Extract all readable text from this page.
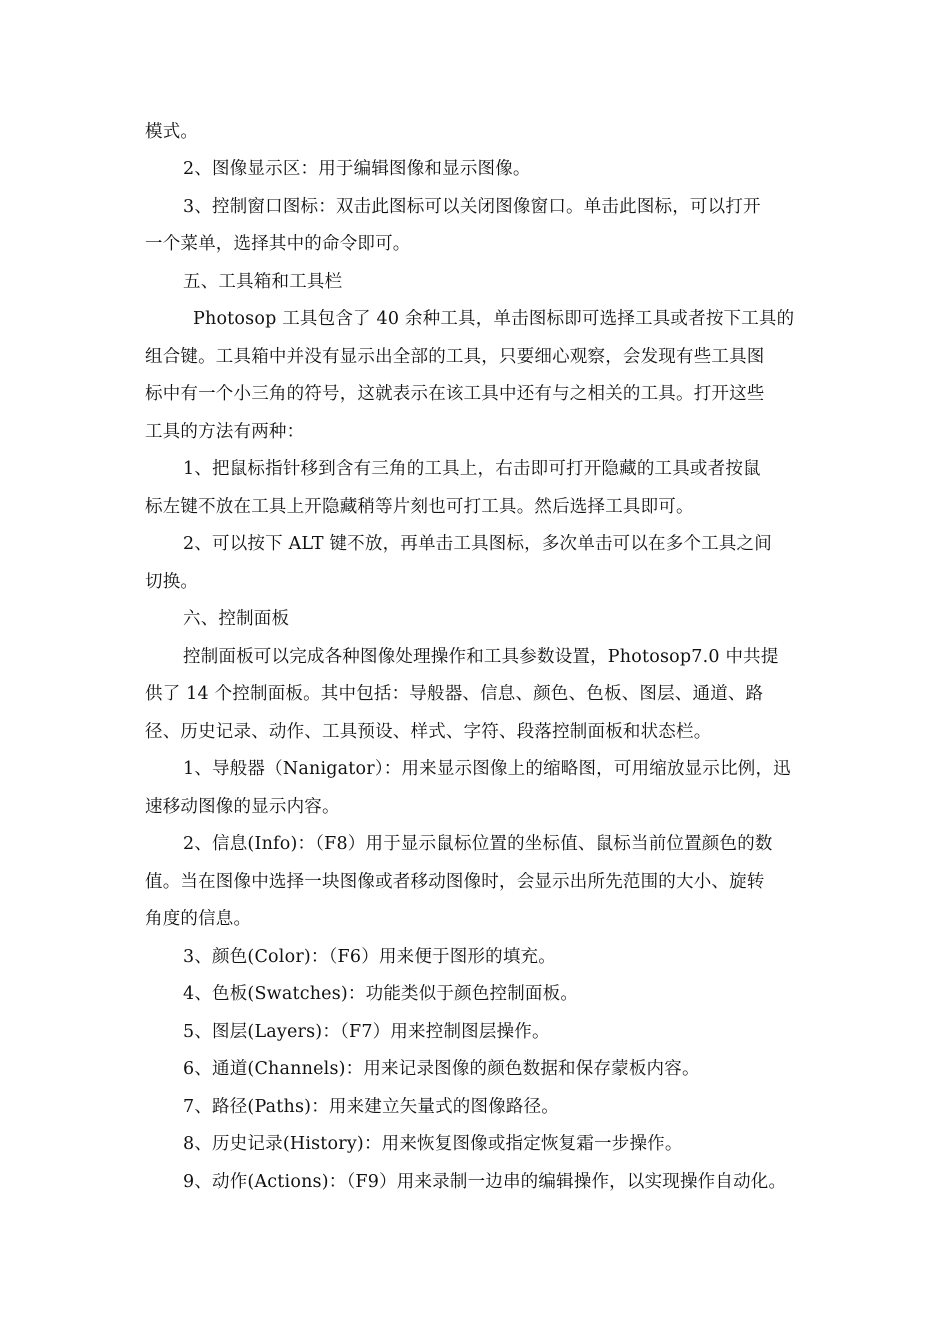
模式。
2、图像显示区：用于编辑图像和显示图像。
3、控制窗口图标：双击此图标可以关闭图像窗口。单击此图标，可以打开
一个菜单，选择其中的命令即可。
五、工具箱和工具栏
Photosop 工具包含了 40 余种工具，单击图标即可选择工具或者按下工具的
组合键。工具箱中并没有显示出全部的工具，只要细心观察，会发现有些工具图
标中有一个小三角的符号，这就表示在该工具中还有与之相关的工具。打开这些
工具的方法有两种：
1、把鼠标指针移到含有三角的工具上，右击即可打开隐藏的工具或者按鼠
标左键不放在工具上开隐藏稍等片刻也可打工具。然后选择工具即可。
2、可以按下 ALT 键不放，再单击工具图标，多次单击可以在多个工具之间
切换。
六、控制面板
控制面板可以完成各种图像处理操作和工具参数设置，Photosop7.0 中共提
供了 14 个控制面板。其中包括：导般器、信息、颜色、色板、图层、通道、路
径、历史记录、动作、工具预设、样式、字符、段落控制面板和状态栏。
1、导般器（Nanigator）：用来显示图像上的缩略图，可用缩放显示比例，迅
速移动图像的显示内容。
2、信息(Info)：（F8）用于显示鼠标位置的坐标值、鼠标当前位置颜色的数
值。当在图像中选择一块图像或者移动图像时，会显示出所先范围的大小、旋转
角度的信息。
3、颜色(Color)：（F6）用来便于图形的填充。
4、色板(Swatches)：功能类似于颜色控制面板。
5、图层(Layers)：（F7）用来控制图层操作。
6、通道(Channels)：用来记录图像的颜色数据和保存蒙板内容。
7、路径(Paths)：用来建立矢量式的图像路径。
8、历史记录(History)：用来恢复图像或指定恢复霜一步操作。
9、动作(Actions)：（F9）用来录制一边串的编辑操作，以实现操作自动化。
